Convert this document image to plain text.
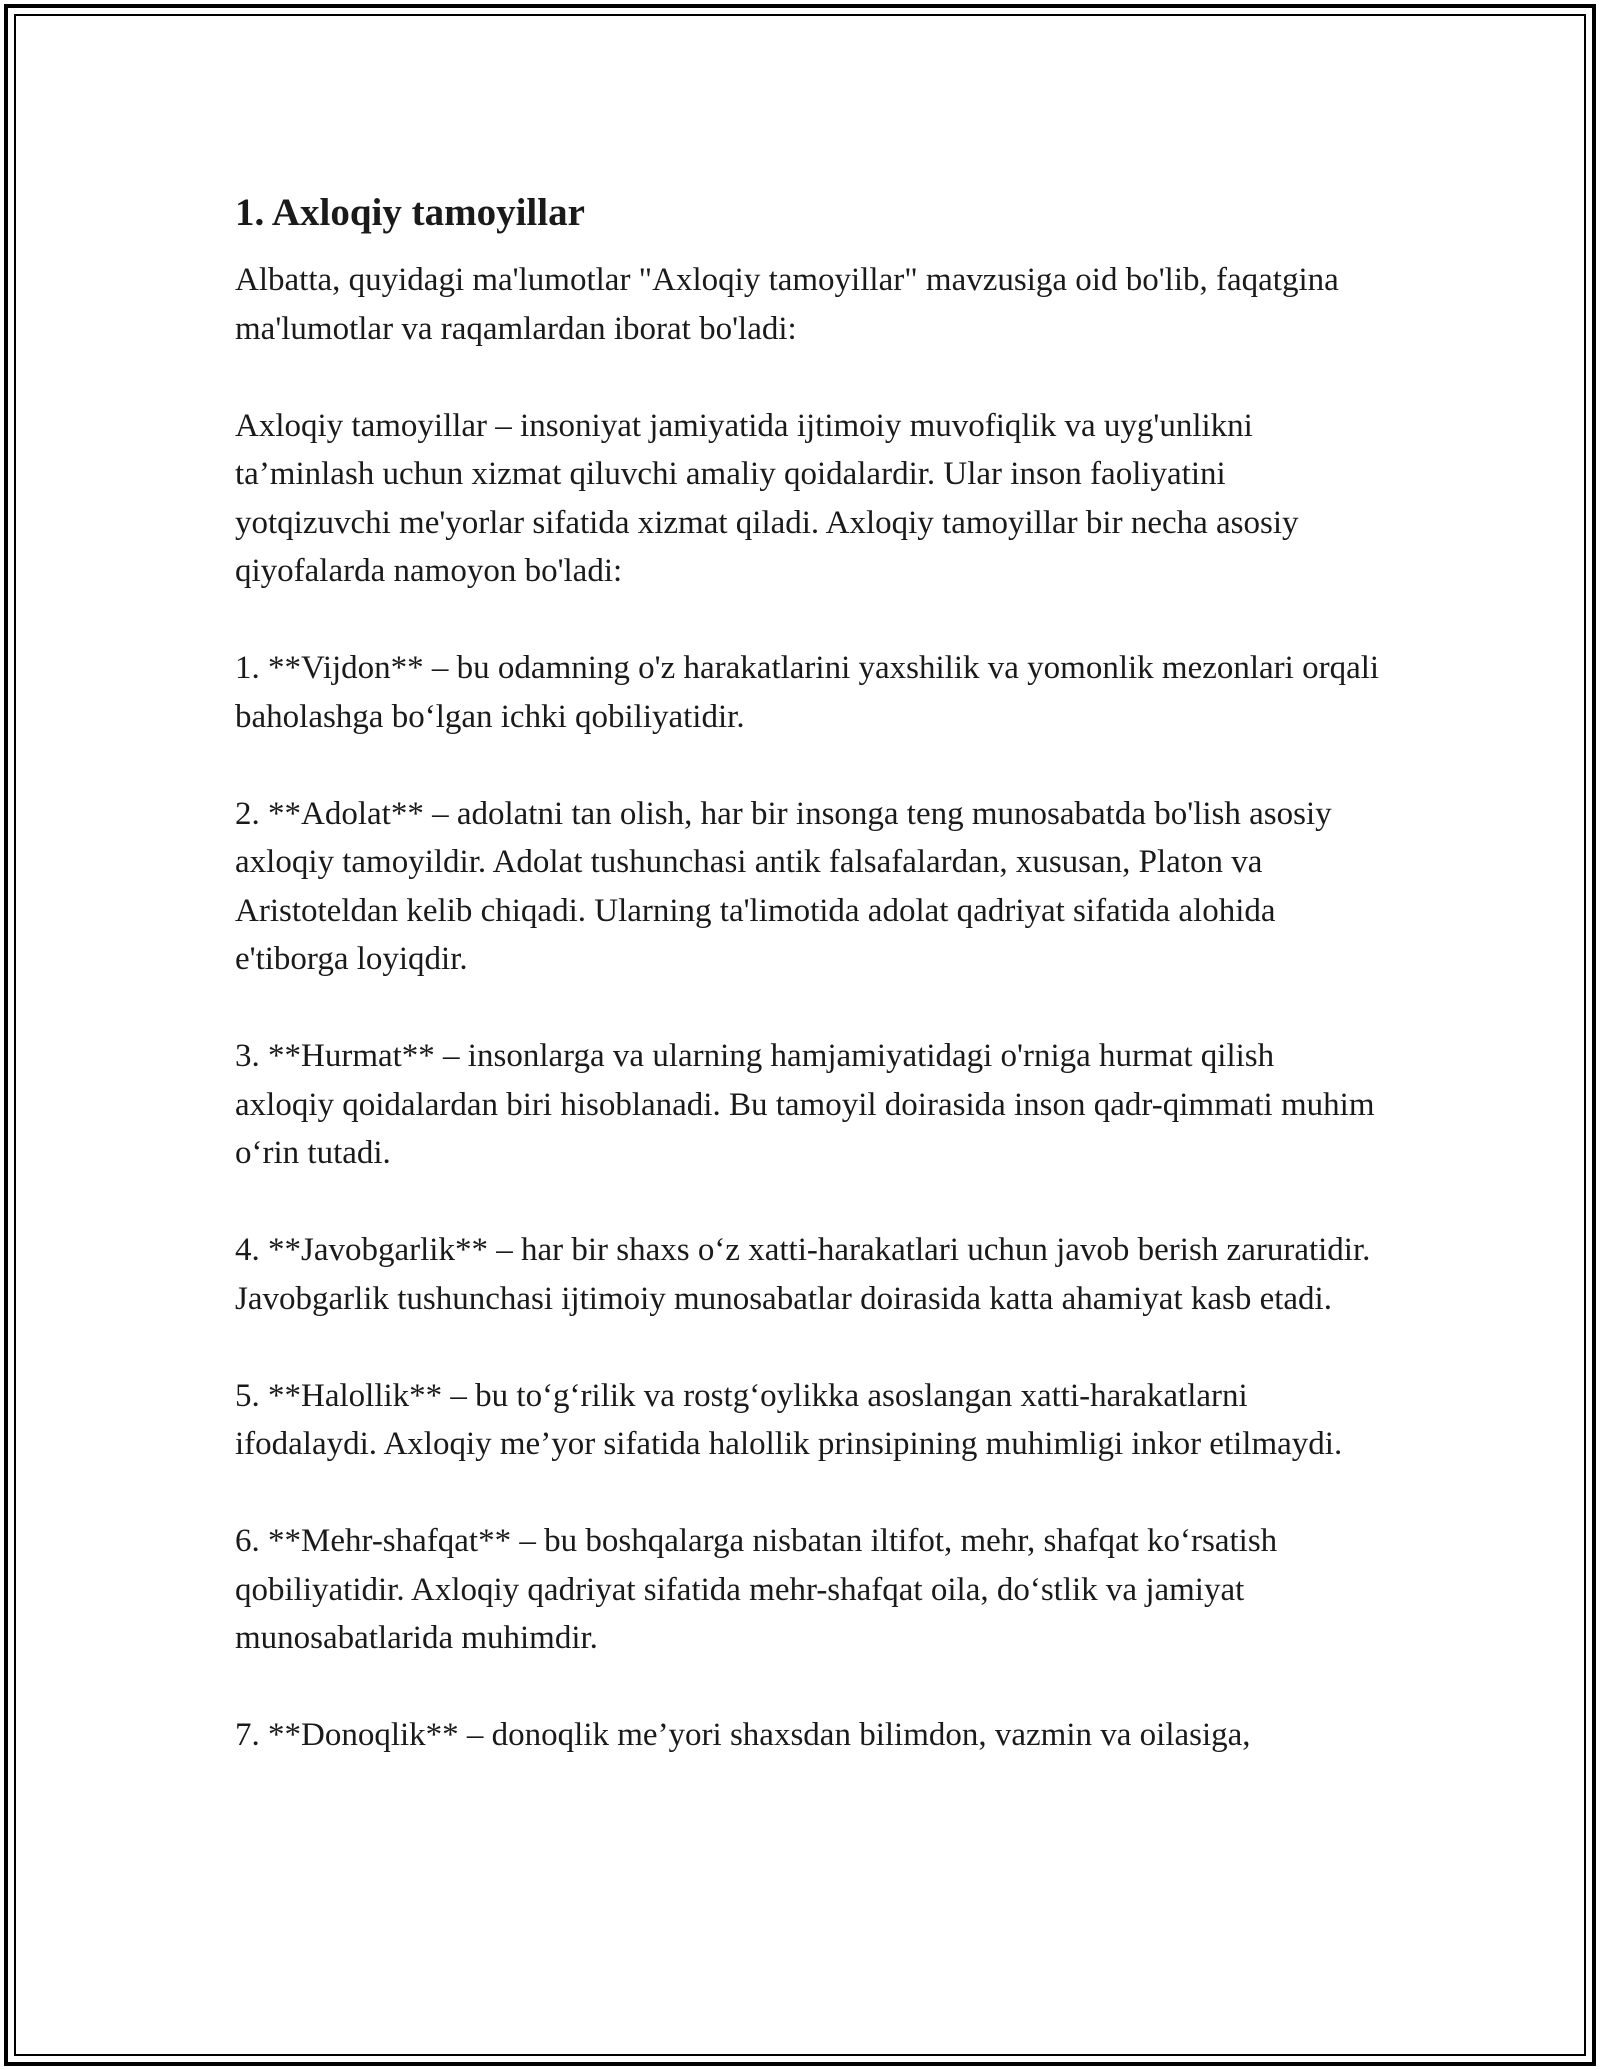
1. Axloqiy tamoyillar

Albatta, quyidagi ma'lumotlar "Axloqiy tamoyillar" mavzusiga oid bo'lib, faqatgina ma'lumotlar va raqamlardan iborat bo'ladi:

Axloqiy tamoyillar – insoniyat jamiyatida ijtimoiy muvofiqlik va uyg'unlikni ta’minlash uchun xizmat qiluvchi amaliy qoidalardir. Ular inson faoliyatini yotqizuvchi me'yorlar sifatida xizmat qiladi. Axloqiy tamoyillar bir necha asosiy qiyofalarda namoyon bo'ladi:

1. **Vijdon** – bu odamning o'z harakatlarini yaxshilik va yomonlik mezonlari orqali baholashga bo‘lgan ichki qobiliyatidir.

2. **Adolat** – adolatni tan olish, har bir insonga teng munosabatda bo'lish asosiy axloqiy tamoyildir. Adolat tushunchasi antik falsafalardan, xususan, Platon va Aristoteldan kelib chiqadi. Ularning ta'limotida adolat qadriyat sifatida alohida e'tiborga loyiqdir.

3. **Hurmat** – insonlarga va ularning hamjamiyatidagi o'rniga hurmat qilish axloqiy qoidalardan biri hisoblanadi. Bu tamoyil doirasida inson qadr-qimmati muhim o‘rin tutadi.

4. **Javobgarlik** – har bir shaxs o‘z xatti-harakatlari uchun javob berish zaruratidir. Javobgarlik tushunchasi ijtimoiy munosabatlar doirasida katta ahamiyat kasb etadi.

5. **Halollik** – bu to‘g‘rilik va rostg‘oylikka asoslangan xatti-harakatlarni ifodalaydi. Axloqiy me’yor sifatida halollik prinsipining muhimligi inkor etilmaydi.

6. **Mehr-shafqat** – bu boshqalarga nisbatan iltifot, mehr, shafqat ko‘rsatish qobiliyatidir. Axloqiy qadriyat sifatida mehr-shafqat oila, do‘stlik va jamiyat munosabatlarida muhimdir.

7. **Donoqlik** – donoqlik me’yori shaxsdan bilimdon, vazmin va oilasiga,
